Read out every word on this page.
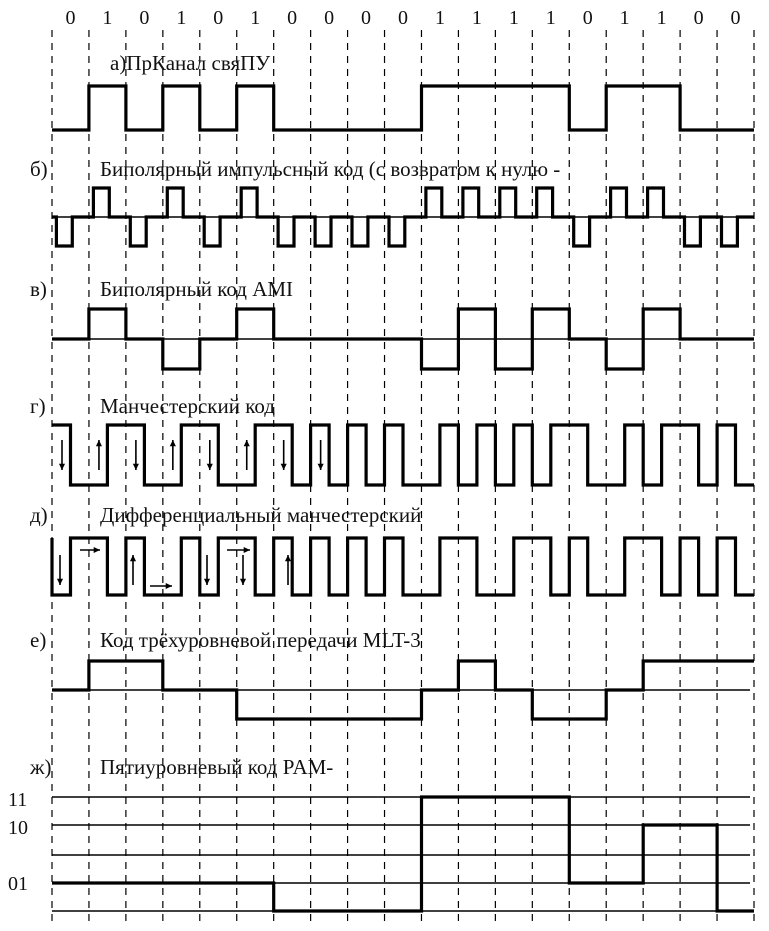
0 1 0 1 0 1 0 0 0 0 1 1 1 1 0 1 1 0 0
а)ПрКанал свяПУ
б) Биполярный импульсный код (с возвратом к нулю -
в)	Биполярный код AMI
г)	Манчестерский код
д) Дифференциальный манчестерский
е)	Код трёхуровневой передачи MLT-3
ж) Пятиуровневый код PAM-
11
10
01
